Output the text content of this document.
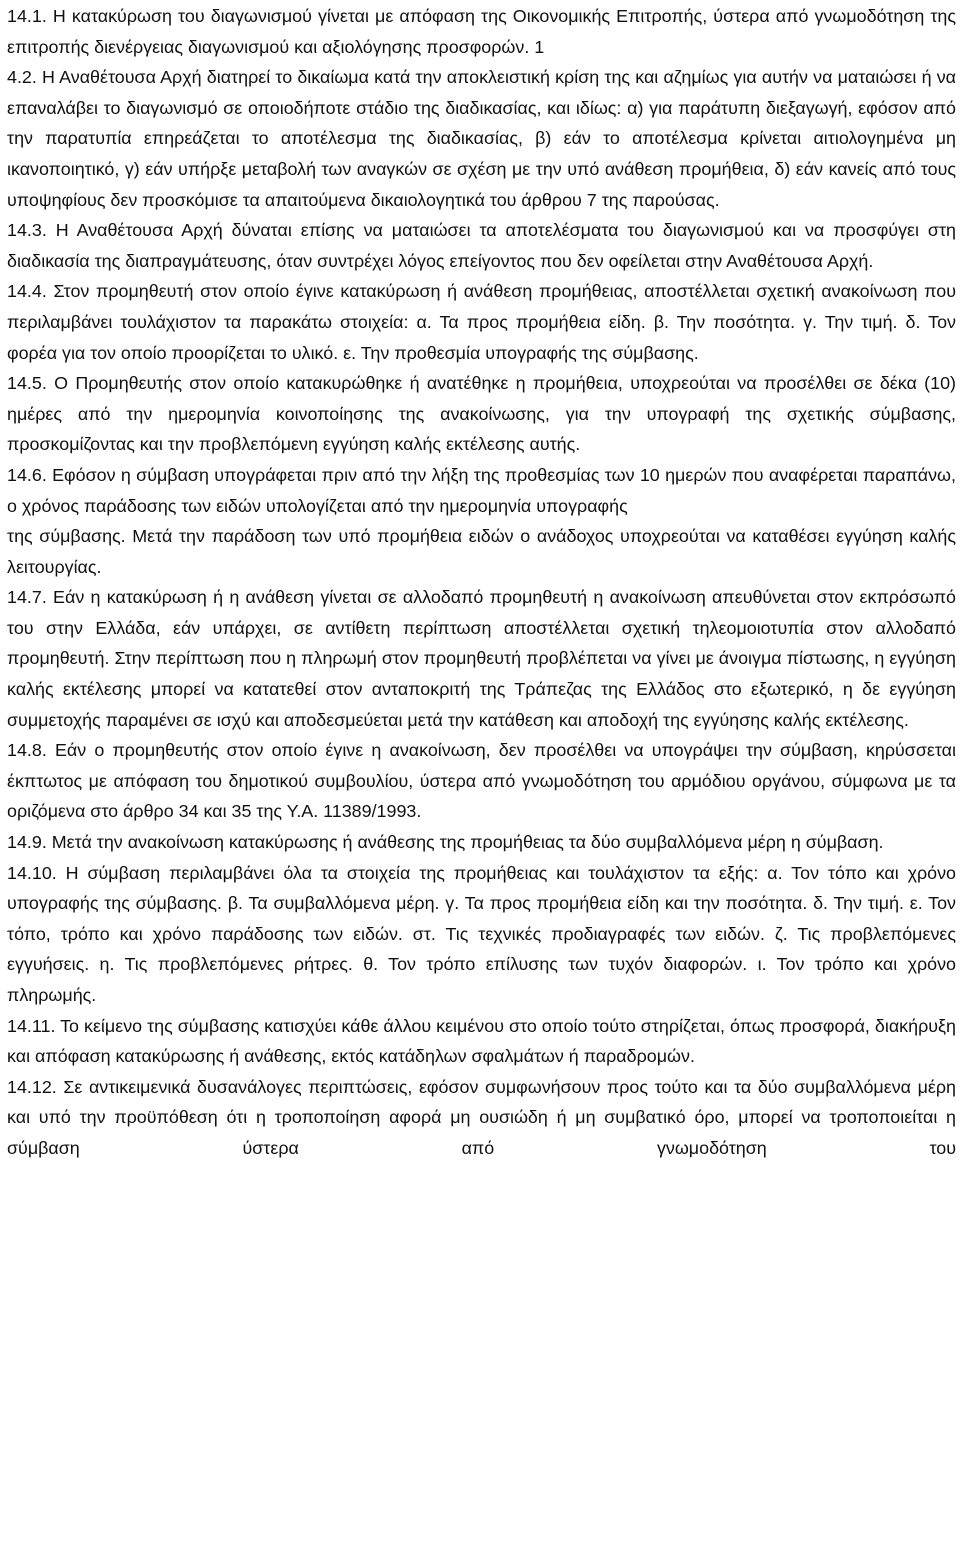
14.1. Η κατακύρωση του διαγωνισμού γίνεται με απόφαση της Οικονομικής Επιτροπής, ύστερα από γνωμοδότηση της επιτροπής διενέργειας διαγωνισμού και αξιολόγησης προσφορών. 1

4.2. Η Αναθέτουσα Αρχή διατηρεί το δικαίωμα κατά την αποκλειστική κρίση της και αζημίως για αυτήν να ματαιώσει ή να επαναλάβει το διαγωνισμό σε οποιοδήποτε στάδιο της διαδικασίας, και ιδίως: α) για παράτυπη διεξαγωγή, εφόσον από την παρατυπία επηρεάζεται το αποτέλεσμα της διαδικασίας, β) εάν το αποτέλεσμα κρίνεται αιτιολογημένα μη ικανοποιητικό, γ) εάν υπήρξε μεταβολή των αναγκών σε σχέση με την υπό ανάθεση προμήθεια, δ) εάν κανείς από τους υποψηφίους δεν προσκόμισε τα απαιτούμενα δικαιολογητικά του άρθρου 7 της παρούσας.

14.3. Η Αναθέτουσα Αρχή δύναται επίσης να ματαιώσει τα αποτελέσματα του διαγωνισμού και να προσφύγει στη διαδικασία της διαπραγμάτευσης, όταν συντρέχει λόγος επείγοντος που δεν οφείλεται στην Αναθέτουσα Αρχή.

14.4. Στον προμηθευτή στον οποίο έγινε κατακύρωση ή ανάθεση προμήθειας, αποστέλλεται σχετική ανακοίνωση που περιλαμβάνει τουλάχιστον τα παρακάτω στοιχεία: α. Τα προς προμήθεια είδη. β. Την ποσότητα. γ. Την τιμή. δ. Τον φορέα για τον οποίο προορίζεται το υλικό. ε. Την προθεσμία υπογραφής της σύμβασης.

14.5. Ο Προμηθευτής στον οποίο κατακυρώθηκε ή ανατέθηκε η προμήθεια, υποχρεούται να προσέλθει σε δέκα (10) ημέρες από την ημερομηνία κοινοποίησης της ανακοίνωσης, για την υπογραφή της σχετικής σύμβασης, προσκομίζοντας και την προβλεπόμενη εγγύηση καλής εκτέλεσης αυτής.

14.6. Εφόσον η σύμβαση υπογράφεται πριν από την λήξη της προθεσμίας των 10 ημερών που αναφέρεται παραπάνω, ο χρόνος παράδοσης των ειδών υπολογίζεται από την ημερομηνία υπογραφής

της σύμβασης. Μετά την παράδοση των υπό προμήθεια ειδών ο ανάδοχος υποχρεούται να καταθέσει εγγύηση καλής λειτουργίας.

14.7. Εάν η κατακύρωση ή η ανάθεση γίνεται σε αλλοδαπό προμηθευτή η ανακοίνωση απευθύνεται στον εκπρόσωπό του στην Ελλάδα, εάν υπάρχει, σε αντίθετη περίπτωση αποστέλλεται σχετική τηλεομοιοτυπία στον αλλοδαπό προμηθευτή. Στην περίπτωση που η πληρωμή στον προμηθευτή προβλέπεται να γίνει με άνοιγμα πίστωσης, η εγγύηση καλής εκτέλεσης μπορεί να κατατεθεί στον ανταποκριτή της Τράπεζας της Ελλάδος στο εξωτερικό, η δε εγγύηση συμμετοχής παραμένει σε ισχύ και αποδεσμεύεται μετά την κατάθεση και αποδοχή της εγγύησης καλής εκτέλεσης.

14.8. Εάν ο προμηθευτής στον οποίο έγινε η ανακοίνωση, δεν προσέλθει να υπογράψει την σύμβαση, κηρύσσεται έκπτωτος με απόφαση του δημοτικού συμβουλίου, ύστερα από γνωμοδότηση του αρμόδιου οργάνου, σύμφωνα με τα οριζόμενα στο άρθρο 34 και 35 της Υ.Α. 11389/1993.

14.9. Μετά την ανακοίνωση κατακύρωσης ή ανάθεσης της προμήθειας τα δύο συμβαλλόμενα μέρη η σύμβαση.

14.10. Η σύμβαση περιλαμβάνει όλα τα στοιχεία της προμήθειας και τουλάχιστον τα εξής: α. Τον τόπο και χρόνο υπογραφής της σύμβασης. β. Τα συμβαλλόμενα μέρη. γ. Τα προς προμήθεια είδη και την ποσότητα. δ. Την τιμή. ε. Τον τόπο, τρόπο και χρόνο παράδοσης των ειδών. στ. Τις τεχνικές προδιαγραφές των ειδών. ζ. Τις προβλεπόμενες εγγυήσεις. η. Τις προβλεπόμενες ρήτρες. θ. Τον τρόπο επίλυσης των τυχόν διαφορών. ι. Τον τρόπο και χρόνο πληρωμής.

14.11. Το κείμενο της σύμβασης κατισχύει κάθε άλλου κειμένου στο οποίο τούτο στηρίζεται, όπως προσφορά, διακήρυξη και απόφαση κατακύρωσης ή ανάθεσης, εκτός κατάδηλων σφαλμάτων ή παραδρομών.

14.12. Σε αντικειμενικά δυσανάλογες περιπτώσεις, εφόσον συμφωνήσουν προς τούτο και τα δύο συμβαλλόμενα μέρη και υπό την προϋπόθεση ότι η τροποποίηση αφορά μη ουσιώδη ή μη συμβατικό όρο, μπορεί να τροποποιείται η σύμβαση ύστερα από γνωμοδότηση του
